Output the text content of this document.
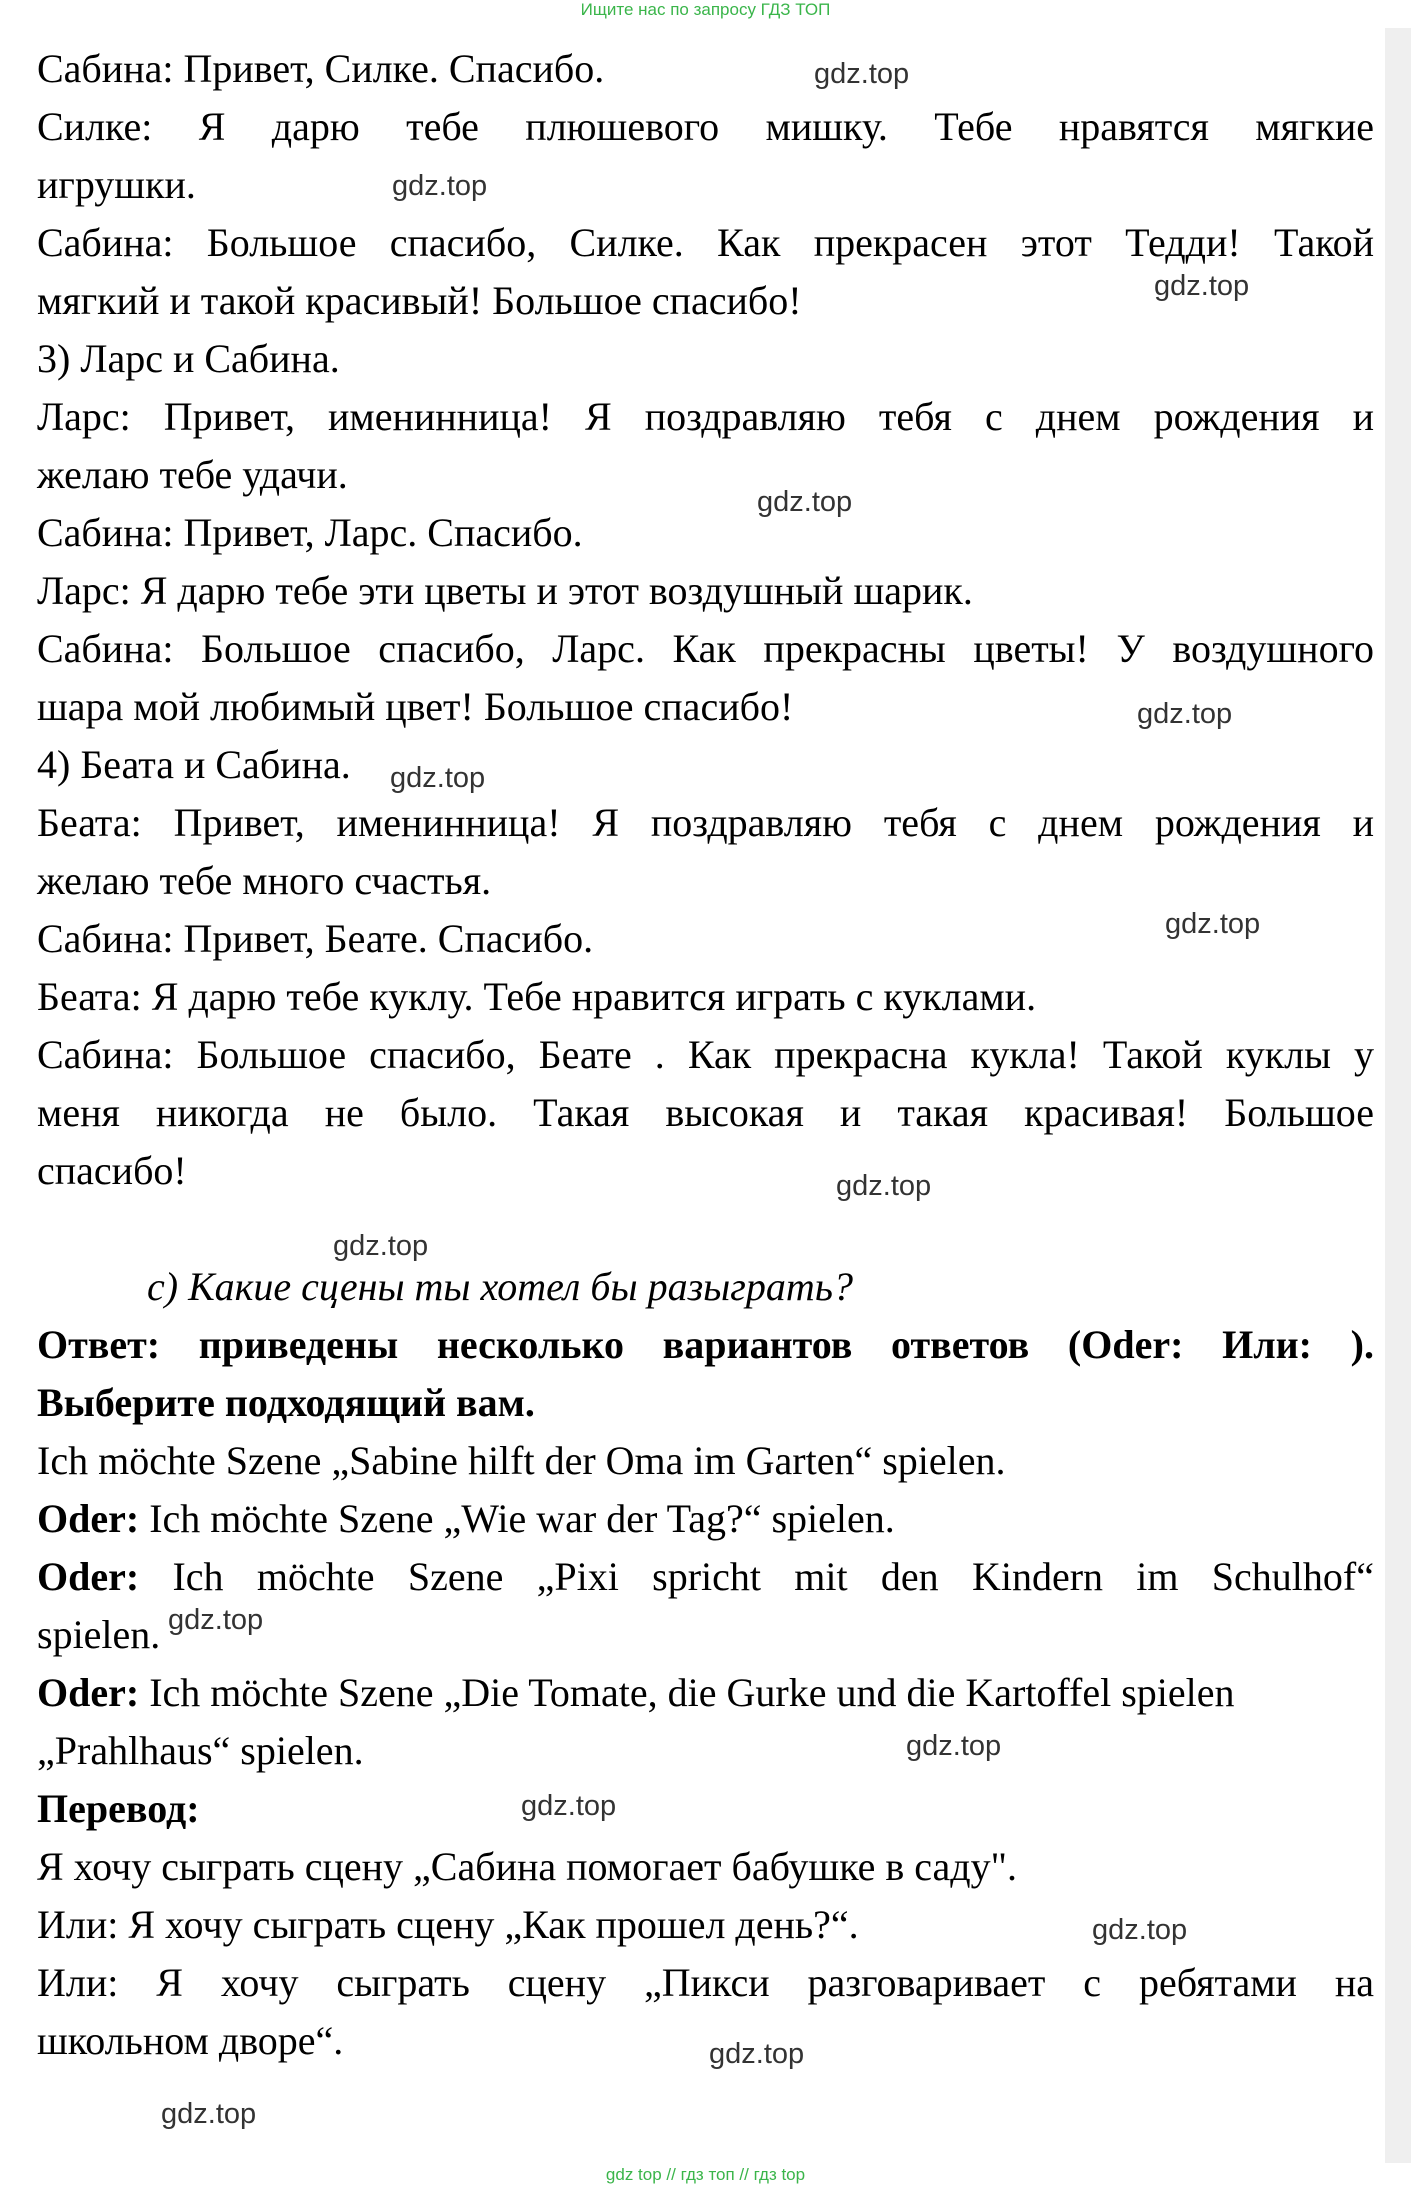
Ищите нас по запросу ГДЗ ТОП
Сабина: Привет, Силке. Спасибо.
Силке: Я дарю тебе плюшевого мишку. Тебе нравятся мягкие
игрушки.
Сабина: Большое спасибо, Силке. Как прекрасен этот Тедди! Такой
мягкий и такой красивый! Большое спасибо!
3) Ларс и Сабина.
Ларс: Привет, именинница! Я поздравляю тебя с днем рождения и
желаю тебе удачи.
Сабина: Привет, Ларс. Спасибо.
Ларс: Я дарю тебе эти цветы и этот воздушный шарик.
Сабина: Большое спасибо, Ларс. Как прекрасны цветы! У воздушного
шара мой любимый цвет! Большое спасибо!
4) Беата и Сабина.
Беата: Привет, именинница! Я поздравляю тебя с днем рождения и
желаю тебе много счастья.
Сабина: Привет, Беате. Спасибо.
Беата: Я дарю тебе куклу. Тебе нравится играть с куклами.
Сабина: Большое спасибо, Беате . Как прекрасна кукла! Такой куклы у
меня никогда не было. Такая высокая и такая красивая! Большое
спасибо!
c) Какие сцены ты хотел бы разыграть?
Ответ: приведены несколько вариантов ответов (Oder: Или: ).
Выберите подходящий вам.
Ich möchte Szene „Sabine hilft der Oma im Garten“ spielen.
Oder: Ich möchte Szene „Wie war der Tag?“ spielen.
Oder: Ich möchte Szene „Pixi spricht mit den Kindern im Schulhof“
spielen.
Oder: Ich möchte Szene „Die Tomate, die Gurke und die Kartoffel spielen
„Prahlhaus“ spielen.
Перевод:
Я хочу сыграть сцену „Сабина помогает бабушке в саду".
Или: Я хочу сыграть сцену „Как прошел день?“.
Или: Я хочу сыграть сцену „Пикси разговаривает с ребятами на
школьном дворе“.
gdz.top
gdz.top
gdz.top
gdz.top
gdz.top
gdz.top
gdz.top
gdz.top
gdz.top
gdz.top
gdz.top
gdz.top
gdz.top
gdz.top
gdz.top
gdz top // гдз топ // гдз top
